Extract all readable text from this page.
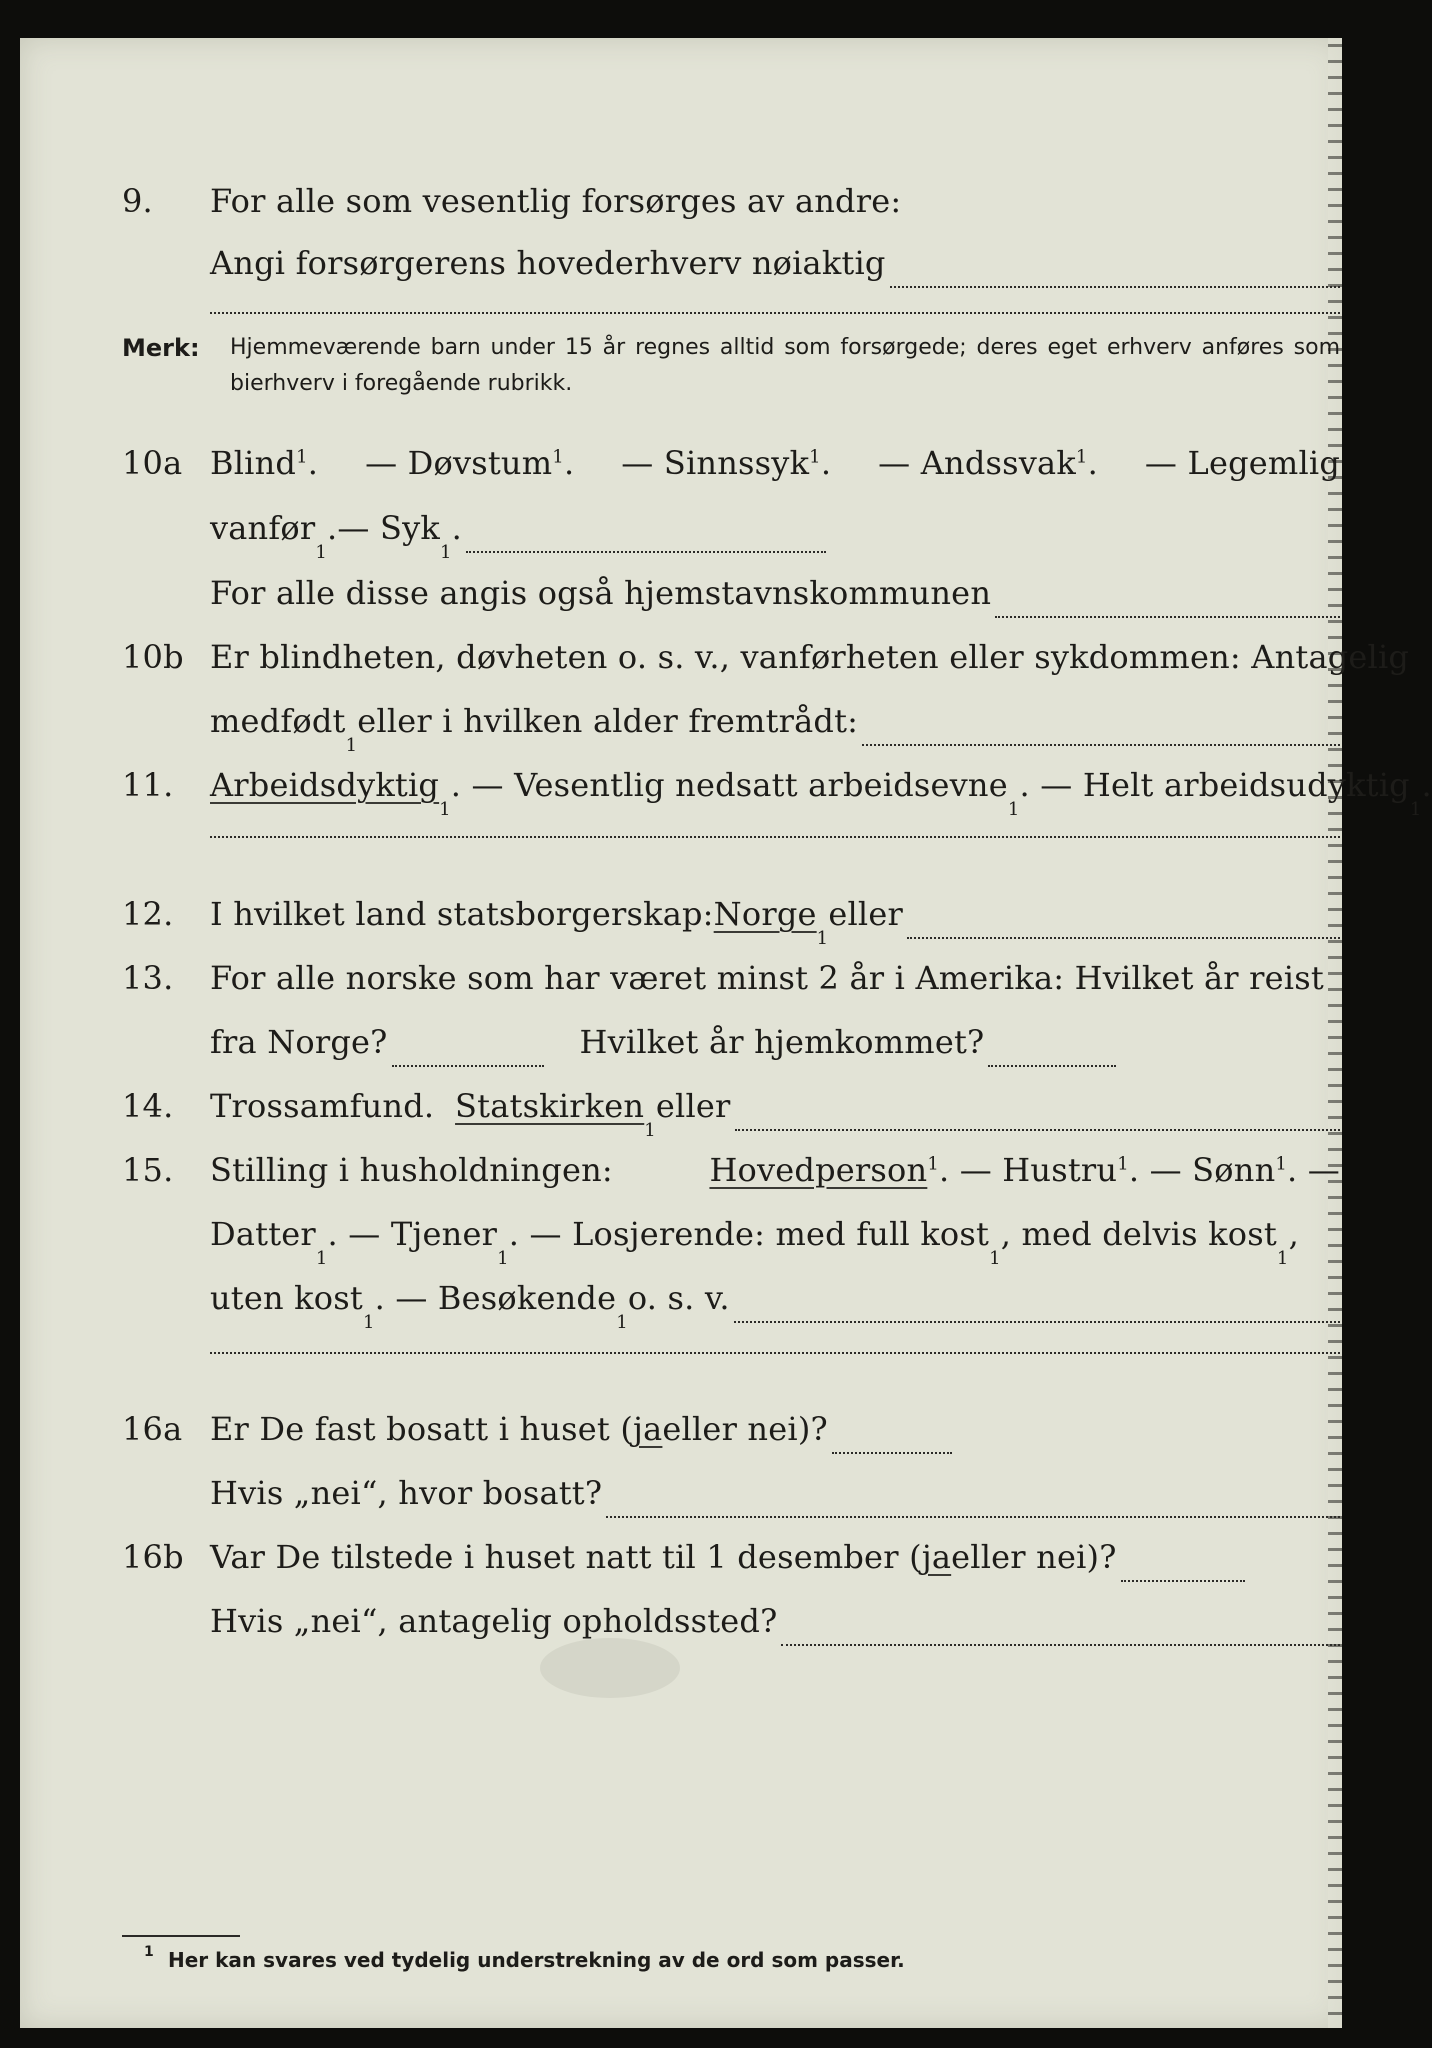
9. For alle som vesentlig forsørges av andre:
Angi forsørgerens hovederhverv nøiaktig
Merk: Hjemmeværende barn under 15 år regnes alltid som forsørgede; deres eget erhverv anføres som bierhverv i foregående rubrikk.
10a Blind$^1$. — Døvstum$^1$. — Sinnssyk$^1$. — Andssvak$^1$. — Legemlig
vanfør
1
. — Syk
1
.
For alle disse angis også hjemstavnskommunen
10b Er blindheten, døvheten o. s. v., vanførheten eller sykdommen: Antagelig
medfødt
1
eller i hvilken alder fremtrådt:
11. Arbeidsdyktig
1
. — Vesentlig nedsatt arbeidsevne
1
. — Helt arbeidsudyktig
1
.
12. I hvilket land statsborgerskap: Norge
1
eller
13. For alle norske som har været minst 2 år i Amerika: Hvilket år reist
fra Norge?	Hvilket år hjemkommet?
14. Trossamfund.
Statskirken
1
eller
15. Stilling i husholdningen:	Hovedperson$^1$. — Hustru$^1$. — Sønn$^1$. —
Datter
1
. — Tjener
1
. — Losjerende: med full kost
1
, med delvis kost
1
,
uten kost
1
. — Besøkende
1
o. s. v.
16a Er De fast bosatt i huset ( ja eller nei)?
Hvis „nei“, hvor bosatt?
16b Var De tilstede i huset natt til 1 desember ( ja eller nei)?
Hvis „nei“, antagelig opholdssted?
1 Her kan svares ved tydelig understrekning av de ord som passer.
